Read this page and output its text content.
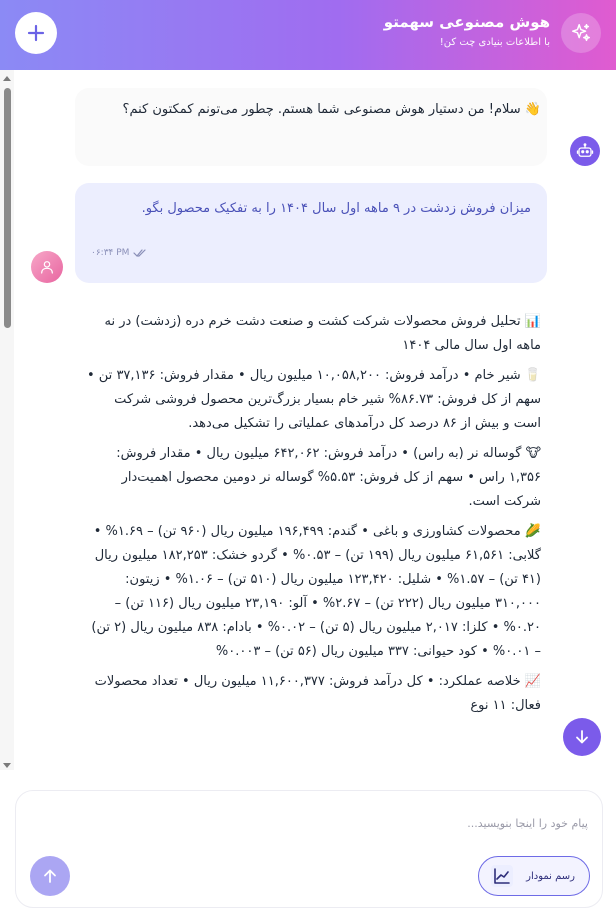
هوش مصنوعی سهمتو
با اطلاعات بنیادی چت کن!
👋 سلام! من دستیار هوش مصنوعی شما هستم. چطور می‌تونم کمکتون کنم؟
میزان فروش زدشت در ۹ ماهه اول سال ۱۴۰۴ را به تفکیک محصول بگو.
۰۶:۳۴ PM
📊 تحلیل فروش محصولات شرکت کشت و صنعت دشت خرم دره (زدشت) در نه ماهه اول سال مالی ۱۴۰۴
🥛 شیر خام • درآمد فروش: ۱۰,۰۵۸,۲۰۰ میلیون ریال • مقدار فروش: ۳۷,۱۳۶ تن • سهم از کل فروش: ۸۶.۷۳% شیر خام بسیار بزرگ‌ترین محصول فروشی شرکت است و بیش از ۸۶ درصد کل درآمدهای عملیاتی را تشکیل می‌دهد.
🐮 گوساله نر (به راس) • درآمد فروش: ۶۴۲,۰۶۲ میلیون ریال • مقدار فروش: ۱,۳۵۶ راس • سهم از کل فروش: ۵.۵۳% گوساله نر دومین محصول اهمیت‌دار شرکت است.
🌽 محصولات کشاورزی و باغی • گندم: ۱۹۶,۴۹۹ میلیون ریال (۹۶۰ تن) – ۱.۶۹% • گلابی: ۶۱,۵۶۱ میلیون ریال (۱۹۹ تن) – ۰.۵۳% • گردو خشک: ۱۸۲,۲۵۳ میلیون ریال (۴۱ تن) – ۱.۵۷% • شلیل: ۱۲۳,۴۲۰ میلیون ریال (۵۱۰ تن) – ۱.۰۶% • زیتون: ۳۱۰,۰۰۰ میلیون ریال (۲۲۲ تن) – ۲.۶۷% • آلو: ۲۳,۱۹۰ میلیون ریال (۱۱۶ تن) – ۰.۲۰% • کلزا: ۲,۰۱۷ میلیون ریال (۵ تن) – ۰.۰۲% • بادام: ۸۳۸ میلیون ریال (۲ تن) – ۰.۰۱% • کود حیوانی: ۳۳۷ میلیون ریال (۵۶ تن) – ۰.۰۰۳%
📈 خلاصه عملکرد: • کل درآمد فروش: ۱۱,۶۰۰,۳۷۷ میلیون ریال • تعداد محصولات فعال: ۱۱ نوع
پیام خود را اینجا بنویسید...
رسم نمودار
